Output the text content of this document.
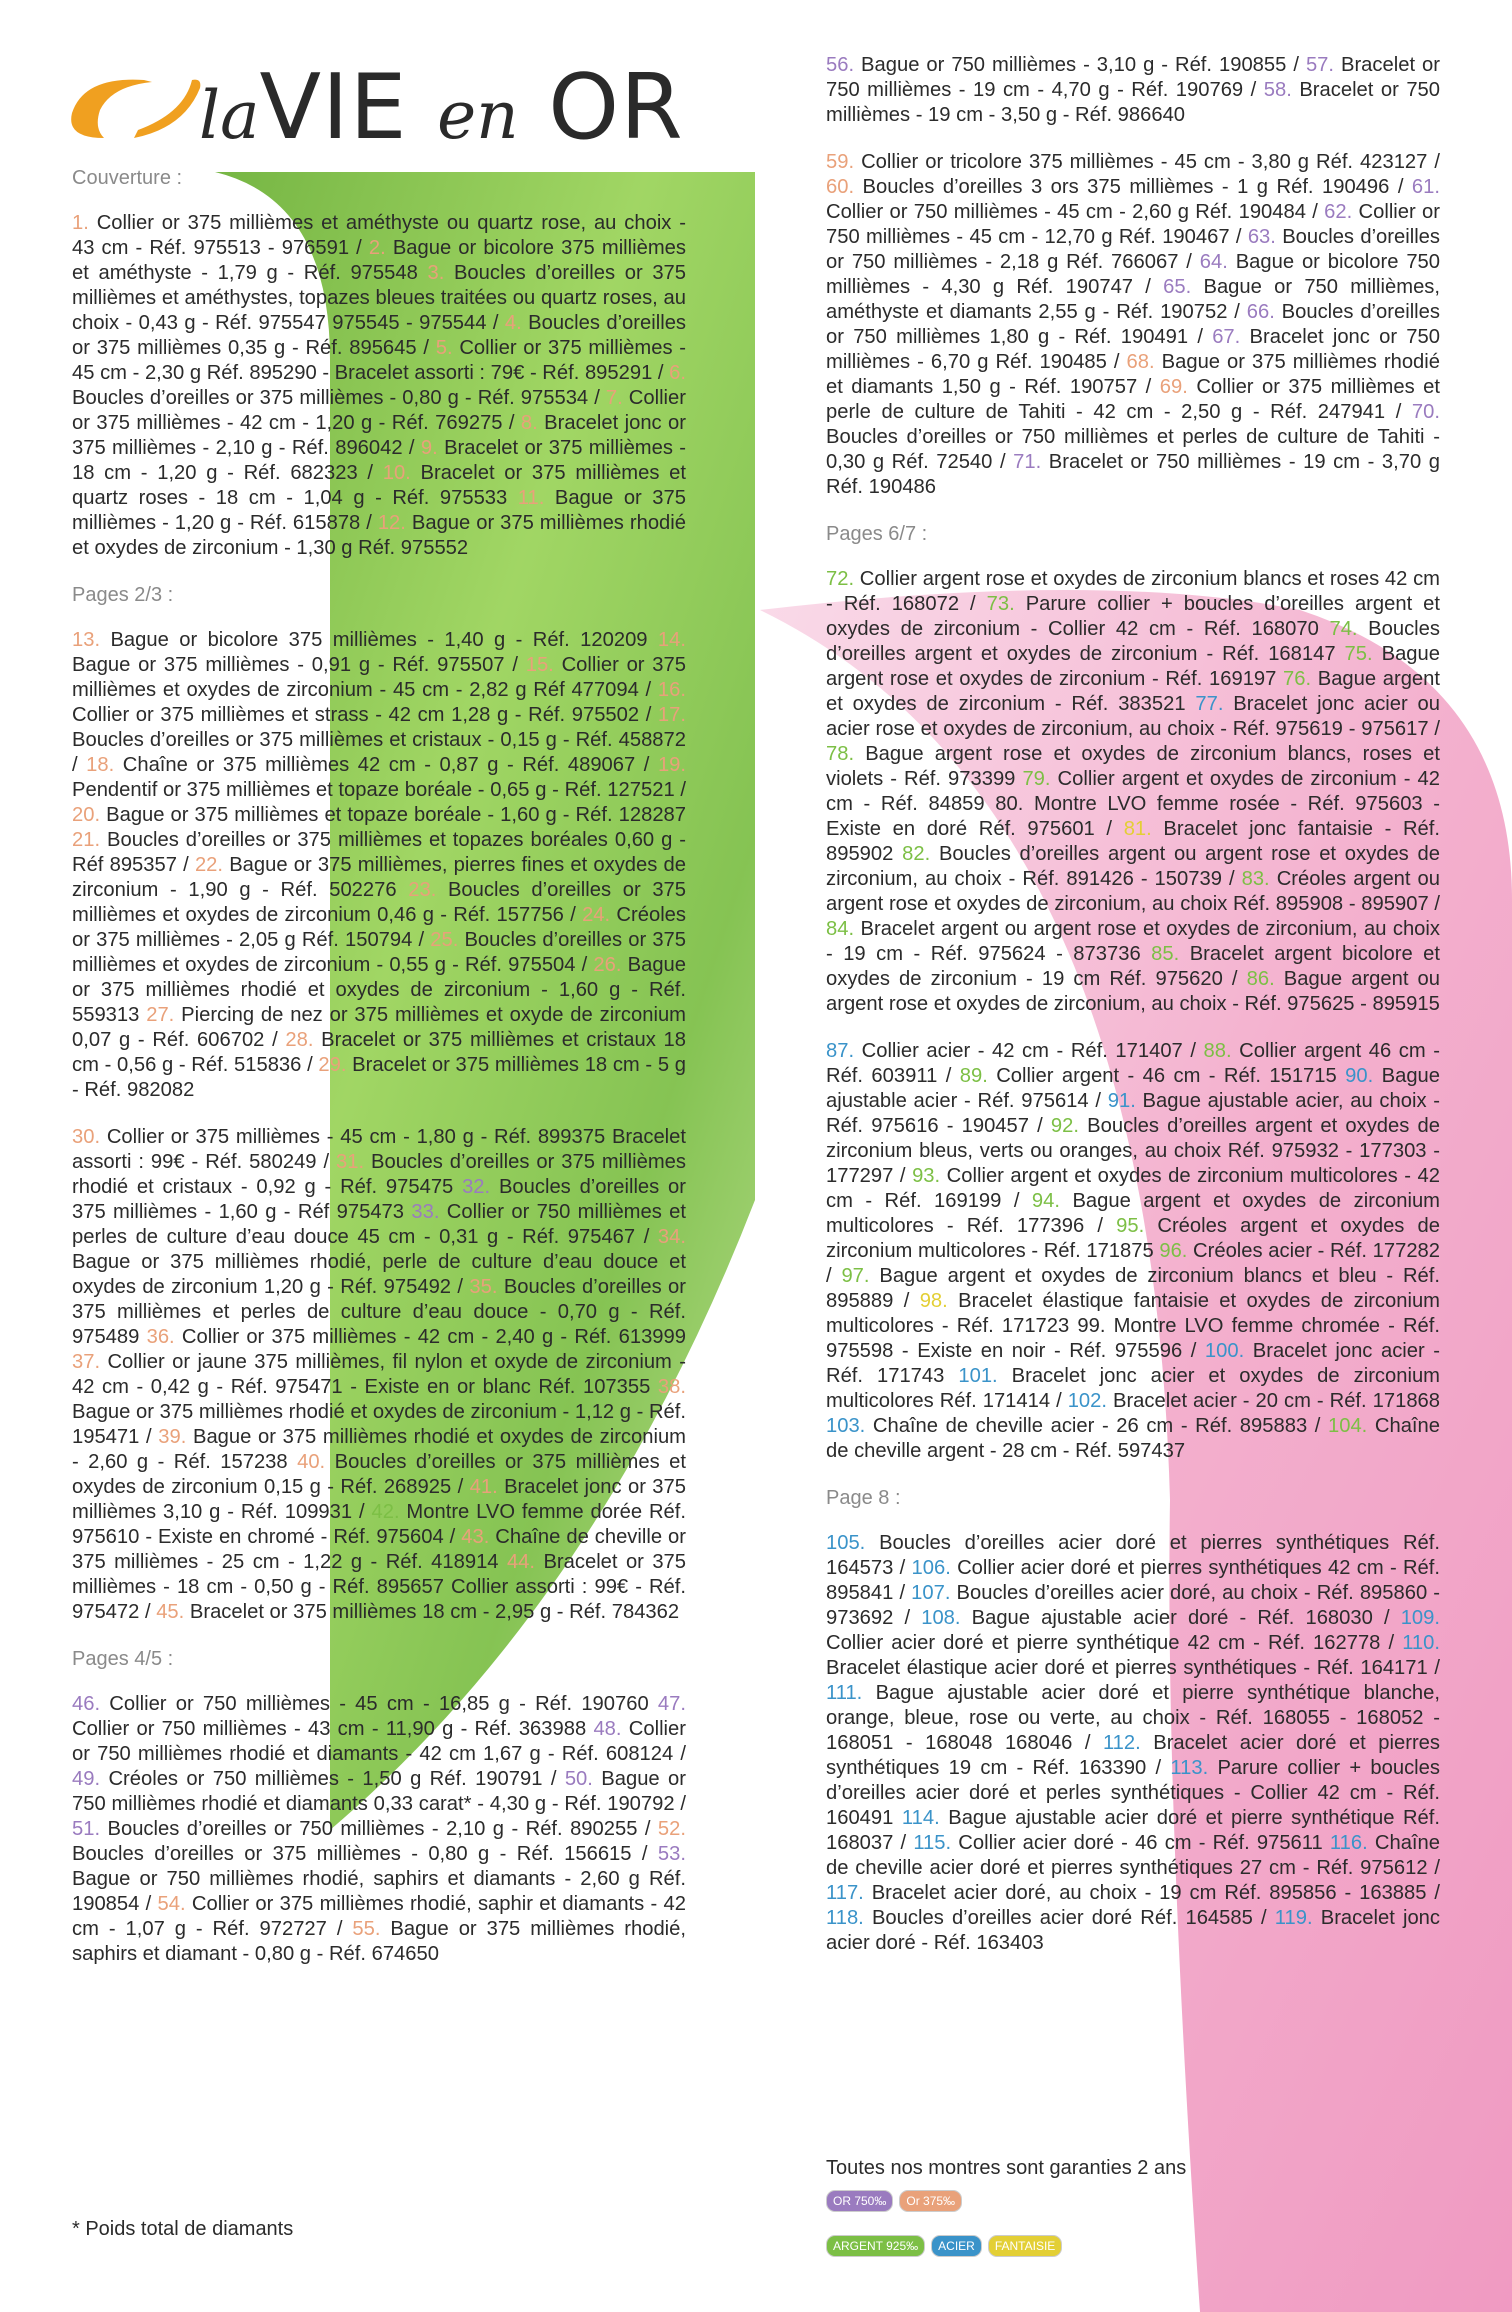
laVIE en OR
Couverture :
1. Collier or 375 millièmes et améthyste ou quartz rose, au choix - 43 cm - Réf. 975513 - 976591 / 2. Bague or bicolore 375 millièmes et améthyste - 1,79 g - Réf. 975548 3. Boucles d’oreilles or 375 millièmes et améthystes, topazes bleues traitées ou quartz roses, au choix - 0,43 g - Réf. 975547 975545 - 975544 / 4. Boucles d’oreilles or 375 millièmes 0,35 g - Réf. 895645 / 5. Collier or 375 millièmes - 45 cm - 2,30 g Réf. 895290 - Bracelet assorti : 79€ - Réf. 895291 / 6. Boucles d’oreilles or 375 millièmes - 0,80 g - Réf. 975534 / 7. Collier or 375 millièmes - 42 cm - 1,20 g - Réf. 769275 / 8. Bracelet jonc or 375 millièmes - 2,10 g - Réf. 896042 / 9. Bracelet or 375 millièmes - 18 cm - 1,20 g - Réf. 682323 / 10. Bracelet or 375 millièmes et quartz roses - 18 cm - 1,04 g - Réf. 975533 11. Bague or 375 millièmes - 1,20 g - Réf. 615878 / 12. Bague or 375 millièmes rhodié et oxydes de zirconium - 1,30 g Réf. 975552
Pages 2/3 :
13. Bague or bicolore 375 millièmes - 1,40 g - Réf. 120209 14. Bague or 375 millièmes - 0,91 g - Réf. 975507 / 15. Collier or 375 millièmes et oxydes de zirconium - 45 cm - 2,82 g Réf 477094 / 16. Collier or 375 millièmes et strass - 42 cm 1,28 g - Réf. 975502 / 17. Boucles d’oreilles or 375 millièmes et cristaux - 0,15 g - Réf. 458872 / 18. Chaîne or 375 millièmes 42 cm - 0,87 g - Réf. 489067 / 19. Pendentif or 375 millièmes et topaze boréale - 0,65 g - Réf. 127521 / 20. Bague or 375 millièmes et topaze boréale - 1,60 g - Réf. 128287 21. Boucles d’oreilles or 375 millièmes et topazes boréales 0,60 g - Réf 895357 / 22. Bague or 375 millièmes, pierres fines et oxydes de zirconium - 1,90 g - Réf. 502276 23. Boucles d’oreilles or 375 millièmes et oxydes de zirconium 0,46 g - Réf. 157756 / 24. Créoles or 375 millièmes - 2,05 g Réf. 150794 / 25. Boucles d’oreilles or 375 millièmes et oxydes de zirconium - 0,55 g - Réf. 975504 / 26. Bague or 375 millièmes rhodié et oxydes de zirconium - 1,60 g - Réf. 559313 27. Piercing de nez or 375 millièmes et oxyde de zirconium 0,07 g - Réf. 606702 / 28. Bracelet or 375 millièmes et cristaux 18 cm - 0,56 g - Réf. 515836 / 29. Bracelet or 375 millièmes 18 cm - 5 g - Réf. 982082
30. Collier or 375 millièmes - 45 cm - 1,80 g - Réf. 899375 Bracelet assorti : 99€ - Réf. 580249 / 31. Boucles d’oreilles or 375 millièmes rhodié et cristaux - 0,92 g - Réf. 975475 32. Boucles d’oreilles or 375 millièmes - 1,60 g - Réf 975473 33. Collier or 750 millièmes et perles de culture d’eau douce 45 cm - 0,31 g - Réf. 975467 / 34. Bague or 375 millièmes rhodié, perle de culture d’eau douce et oxydes de zirconium 1,20 g - Réf. 975492 / 35. Boucles d’oreilles or 375 millièmes et perles de culture d’eau douce - 0,70 g - Réf. 975489 36. Collier or 375 millièmes - 42 cm - 2,40 g - Réf. 613999 37. Collier or jaune 375 millièmes, fil nylon et oxyde de zirconium - 42 cm - 0,42 g - Réf. 975471 - Existe en or blanc Réf. 107355 38. Bague or 375 millièmes rhodié et oxydes de zirconium - 1,12 g - Réf. 195471 / 39. Bague or 375 millièmes rhodié et oxydes de zirconium - 2,60 g - Réf. 157238 40. Boucles d’oreilles or 375 millièmes et oxydes de zirconium 0,15 g - Réf. 268925 / 41. Bracelet jonc or 375 millièmes 3,10 g - Réf. 109931 / 42. Montre LVO femme dorée Réf. 975610 - Existe en chromé - Réf. 975604 / 43. Chaîne de cheville or 375 millièmes - 25 cm - 1,22 g - Réf. 418914 44. Bracelet or 375 millièmes - 18 cm - 0,50 g - Réf. 895657 Collier assorti : 99€ - Réf. 975472 / 45. Bracelet or 375 millièmes 18 cm - 2,95 g - Réf. 784362
Pages 4/5 :
46. Collier or 750 millièmes - 45 cm - 16,85 g - Réf. 190760 47. Collier or 750 millièmes - 43 cm - 11,90 g - Réf. 363988 48. Collier or 750 millièmes rhodié et diamants - 42 cm 1,67 g - Réf. 608124 / 49. Créoles or 750 millièmes - 1,50 g Réf. 190791 / 50. Bague or 750 millièmes rhodié et diamants 0,33 carat* - 4,30 g - Réf. 190792 / 51. Boucles d’oreilles or 750 millièmes - 2,10 g - Réf. 890255 / 52. Boucles d’oreilles or 375 millièmes - 0,80 g - Réf. 156615 / 53. Bague or 750 millièmes rhodié, saphirs et diamants - 2,60 g Réf. 190854 / 54. Collier or 375 millièmes rhodié, saphir et diamants - 42 cm - 1,07 g - Réf. 972727 / 55. Bague or 375 millièmes rhodié, saphirs et diamant - 0,80 g - Réf. 674650
56. Bague or 750 millièmes - 3,10 g - Réf. 190855 / 57. Bracelet or 750 millièmes - 19 cm - 4,70 g - Réf. 190769 / 58. Bracelet or 750 millièmes - 19 cm - 3,50 g - Réf. 986640
59. Collier or tricolore 375 millièmes - 45 cm - 3,80 g Réf. 423127 / 60. Boucles d’oreilles 3 ors 375 millièmes - 1 g Réf. 190496 / 61. Collier or 750 millièmes - 45 cm - 2,60 g Réf. 190484 / 62. Collier or 750 millièmes - 45 cm - 12,70 g Réf. 190467 / 63. Boucles d’oreilles or 750 millièmes - 2,18 g Réf. 766067 / 64. Bague or bicolore 750 millièmes - 4,30 g Réf. 190747 / 65. Bague or 750 millièmes, améthyste et diamants 2,55 g - Réf. 190752 / 66. Boucles d’oreilles or 750 millièmes 1,80 g - Réf. 190491 / 67. Bracelet jonc or 750 millièmes - 6,70 g Réf. 190485 / 68. Bague or 375 millièmes rhodié et diamants 1,50 g - Réf. 190757 / 69. Collier or 375 millièmes et perle de culture de Tahiti - 42 cm - 2,50 g - Réf. 247941 / 70. Boucles d’oreilles or 750 millièmes et perles de culture de Tahiti - 0,30 g Réf. 72540 / 71. Bracelet or 750 millièmes - 19 cm - 3,70 g Réf. 190486
Pages 6/7 :
72. Collier argent rose et oxydes de zirconium blancs et roses 42 cm - Réf. 168072 / 73. Parure collier + boucles d’oreilles argent et oxydes de zirconium - Collier 42 cm - Réf. 168070 74. Boucles d’oreilles argent et oxydes de zirconium - Réf. 168147 75. Bague argent rose et oxydes de zirconium - Réf. 169197 76. Bague argent et oxydes de zirconium - Réf. 383521 77. Bracelet jonc acier ou acier rose et oxydes de zirconium, au choix - Réf. 975619 - 975617 / 78. Bague argent rose et oxydes de zirconium blancs, roses et violets - Réf. 973399 79. Collier argent et oxydes de zirconium - 42 cm - Réf. 84859 80. Montre LVO femme rosée - Réf. 975603 - Existe en doré Réf. 975601 / 81. Bracelet jonc fantaisie - Réf. 895902 82. Boucles d’oreilles argent ou argent rose et oxydes de zirconium, au choix - Réf. 891426 - 150739 / 83. Créoles argent ou argent rose et oxydes de zirconium, au choix Réf. 895908 - 895907 / 84. Bracelet argent ou argent rose et oxydes de zirconium, au choix - 19 cm - Réf. 975624 - 873736 85. Bracelet argent bicolore et oxydes de zirconium - 19 cm Réf. 975620 / 86. Bague argent ou argent rose et oxydes de zirconium, au choix - Réf. 975625 - 895915
87. Collier acier - 42 cm - Réf. 171407 / 88. Collier argent 46 cm - Réf. 603911 / 89. Collier argent - 46 cm - Réf. 151715 90. Bague ajustable acier - Réf. 975614 / 91. Bague ajustable acier, au choix - Réf. 975616 - 190457 / 92. Boucles d’oreilles argent et oxydes de zirconium bleus, verts ou oranges, au choix Réf. 975932 - 177303 - 177297 / 93. Collier argent et oxydes de zirconium multicolores - 42 cm - Réf. 169199 / 94. Bague argent et oxydes de zirconium multicolores - Réf. 177396 / 95. Créoles argent et oxydes de zirconium multicolores - Réf. 171875 96. Créoles acier - Réf. 177282 / 97. Bague argent et oxydes de zirconium blancs et bleu - Réf. 895889 / 98. Bracelet élastique fantaisie et oxydes de zirconium multicolores - Réf. 171723 99. Montre LVO femme chromée - Réf. 975598 - Existe en noir - Réf. 975596 / 100. Bracelet jonc acier - Réf. 171743 101. Bracelet jonc acier et oxydes de zirconium multicolores Réf. 171414 / 102. Bracelet acier - 20 cm - Réf. 171868 103. Chaîne de cheville acier - 26 cm - Réf. 895883 / 104. Chaîne de cheville argent - 28 cm - Réf. 597437
Page 8 :
105. Boucles d’oreilles acier doré et pierres synthétiques Réf. 164573 / 106. Collier acier doré et pierres synthétiques 42 cm - Réf. 895841 / 107. Boucles d’oreilles acier doré, au choix - Réf. 895860 - 973692 / 108. Bague ajustable acier doré - Réf. 168030 / 109. Collier acier doré et pierre synthétique 42 cm - Réf. 162778 / 110. Bracelet élastique acier doré et pierres synthétiques - Réf. 164171 / 111. Bague ajustable acier doré et pierre synthétique blanche, orange, bleue, rose ou verte, au choix - Réf. 168055 - 168052 - 168051 - 168048 168046 / 112. Bracelet acier doré et pierres synthétiques 19 cm - Réf. 163390 / 113. Parure collier + boucles d’oreilles acier doré et perles synthétiques - Collier 42 cm - Réf. 160491 114. Bague ajustable acier doré et pierre synthétique Réf. 168037 / 115. Collier acier doré - 46 cm - Réf. 975611 116. Chaîne de cheville acier doré et pierres synthétiques 27 cm - Réf. 975612 / 117. Bracelet acier doré, au choix - 19 cm Réf. 895856 - 163885 / 118. Boucles d’oreilles acier doré Réf. 164585 / 119. Bracelet jonc acier doré - Réf. 163403
* Poids total de diamants
Toutes nos montres sont garanties 2 ans
OR 750‰ Or 375‰
ARGENT 925‰ ACIER FANTAISIE
